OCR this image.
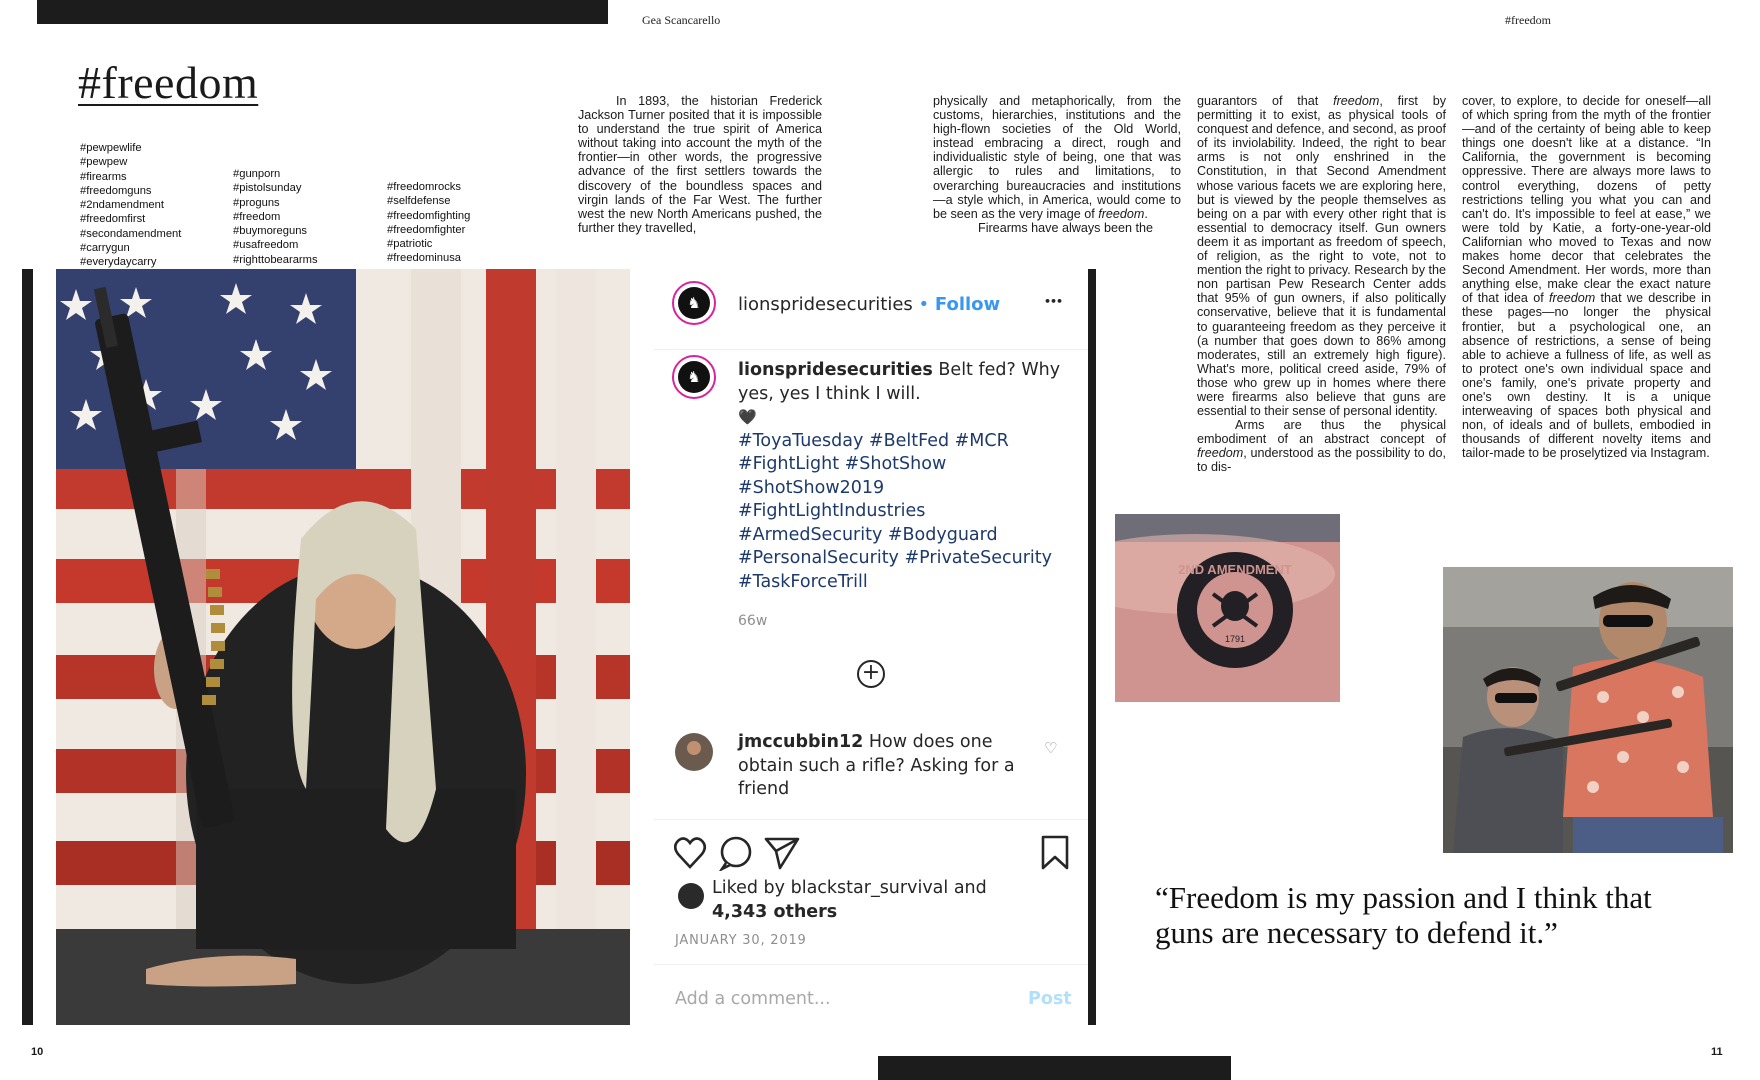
Gea Scancarello	#freedom
#freedom
#pewpewlife
#pewpew
#firearms
#freedomguns
#2ndamendment
#freedomfirst
#secondamendment
#carrygun
#everydaycarry
#gunporn
#pistolsunday
#proguns
#freedom
#buymoreguns
#usafreedom
#righttobeararms
#freedomrocks
#selfdefense
#freedomfighting
#freedomfighter
#patriotic
#freedominusa

In 1893, the historian Frederick Jackson Turner posited that it is impossible to understand the true spirit of America without taking into account the myth of the frontier—in other words, the progressive advance of the first settlers towards the discovery of the boundless spaces and virgin lands of the Far West. The further west the new North Americans pushed, the further they travelled,

physically and metaphorically, from the customs, hierarchies, institutions and the high-flown societies of the Old World, instead embracing a direct, rough and individualistic style of being, one that was allergic to rules and limitations, to overarching bureaucracies and institutions—a style which, in America, would come to be seen as the very image of freedom.

Firearms have always been the

guarantors of that freedom, first by permitting it to exist, as physical tools of conquest and defence, and second, as proof of its inviolability. Indeed, the right to bear arms is not only enshrined in the Constitution, in that Second Amendment whose various facets we are exploring here, but is viewed by the people themselves as being on a par with every other right that is essential to democracy itself. Gun owners deem it as important as freedom of speech, of religion, as the right to vote, not to mention the right to privacy. Research by the non partisan Pew Research Center adds that 95% of gun owners, if also politically conservative, believe that it is fundamental to guaranteeing freedom as they perceive it (a number that goes down to 86% among moderates, still an extremely high figure). What's more, political creed aside, 79% of those who grew up in homes where there were firearms also believe that guns are essential to their sense of personal identity.

Arms are thus the physical embodiment of an abstract concept of freedom, understood as the possibility to do, to dis-

cover, to explore, to decide for oneself—all of which spring from the myth of the frontier—and of the certainty of being able to keep things one doesn't like at a distance. “In California, the government is becoming oppressive. There are always more laws to control everything, dozens of petty restrictions telling you what you can and can't do. It's impossible to feel at ease,” we were told by Katie, a forty-one-year-old Californian who moved to Texas and now makes home decor that celebrates the Second Amendment. Her words, more than anything else, make clear the exact nature of that idea of freedom that we describe in these pages—no longer the physical frontier, but a psychological one, an absence of restrictions, a sense of being able to achieve a fullness of life, as well as to protect one's own individual space and one's family, one's private property and one's own destiny. It is a unique interweaving of spaces both physical and non, of ideals and of bullets, embodied in thousands of different novelty items and tailor-made to be proselytized via Instagram.

♞	lionspridesecurities • Follow	•••
♞	lionspridesecurities Belt fed? Why yes, yes I think I will.
🖤
#ToyaTuesday #BeltFed #MCR
#FightLight #ShotShow
#ShotShow2019
#FightLightIndustries
#ArmedSecurity #Bodyguard
#PersonalSecurity #PrivateSecurity
#TaskForceTrill
66w
+
jmccubbin12 How does one obtain such a rifle? Asking for a friend
♡
Liked by blackstar_survival and
4,343 others
JANUARY 30, 2019
Add a comment...	Post
2ND AMENDMENT
1791
“Freedom is my passion and I think that guns are necessary to defend it.”
10	11
